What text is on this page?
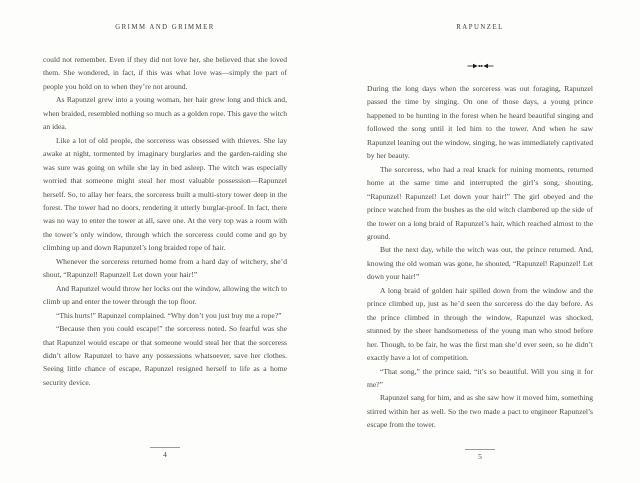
GRIMM AND GRIMMER	RAPUNZEL

could not remember. Even if they did not love her, she believed that she loved them. She wondered, in fact, if this was what love was—simply the part of people you hold on to when they’re not around.

As Rapunzel grew into a young woman, her hair grew long and thick and, when braided, resembled nothing so much as a golden rope. This gave the witch an idea.

Like a lot of old people, the sorceress was obsessed with thieves. She lay awake at night, tormented by imaginary burglaries and the garden-raiding she was sure was going on while she lay in bed asleep. The witch was especially worried that someone might steal her most valuable possession—Rapunzel herself. So, to allay her fears, the sorceress built a multi-story tower deep in the forest. The tower had no doors, rendering it utterly burglar-proof. In fact, there was no way to enter the tower at all, save one. At the very top was a room with the tower’s only window, through which the sorceress could come and go by climbing up and down Rapunzel’s long braided rope of hair.

Whenever the sorceress returned home from a hard day of witchery, she’d shout, “Rapunzel! Rapunzel! Let down your hair!”

And Rapunzel would throw her locks out the window, allowing the witch to climb up and enter the tower through the top floor.

“This hurts!” Rapunzel complained. “Why don’t you just buy me a rope?”

“Because then you could escape!” the sorceress noted. So fearful was she that Rapunzel would escape or that someone would steal her that the sorceress didn’t allow Rapunzel to have any possessions whatsoever, save her clothes. Seeing little chance of escape, Rapunzel resigned herself to life as a home security device.

During the long days when the sorceress was out foraging, Rapunzel passed the time by singing. On one of those days, a young prince happened to be hunting in the forest when he heard beautiful singing and followed the song until it led him to the tower. And when he saw Rapunzel leaning out the window, singing, he was immediately captivated by her beauty.

The sorceress, who had a real knack for ruining moments, returned home at the same time and interrupted the girl’s song, shouting, “Rapunzel! Rapunzel! Let down your hair!” The girl obeyed and the prince watched from the bushes as the old witch clambered up the side of the tower on a long braid of Rapunzel’s hair, which reached almost to the ground.

But the next day, while the witch was out, the prince returned. And, knowing the old woman was gone, he shouted, “Rapunzel! Rapunzel! Let down your hair!”

A long braid of golden hair spilled down from the window and the prince climbed up, just as he’d seen the sorceress do the day before. As the prince climbed in through the window, Rapunzel was shocked, stunned by the sheer handsomeness of the young man who stood before her. Though, to be fair, he was the first man she’d ever seen, so he didn’t exactly have a lot of competition.

“That song,” the prince said, “it’s so beautiful. Will you sing it for me?”

Rapunzel sang for him, and as she saw how it moved him, something stirred within her as well. So the two made a pact to engineer Rapunzel’s escape from the tower.

4	5
